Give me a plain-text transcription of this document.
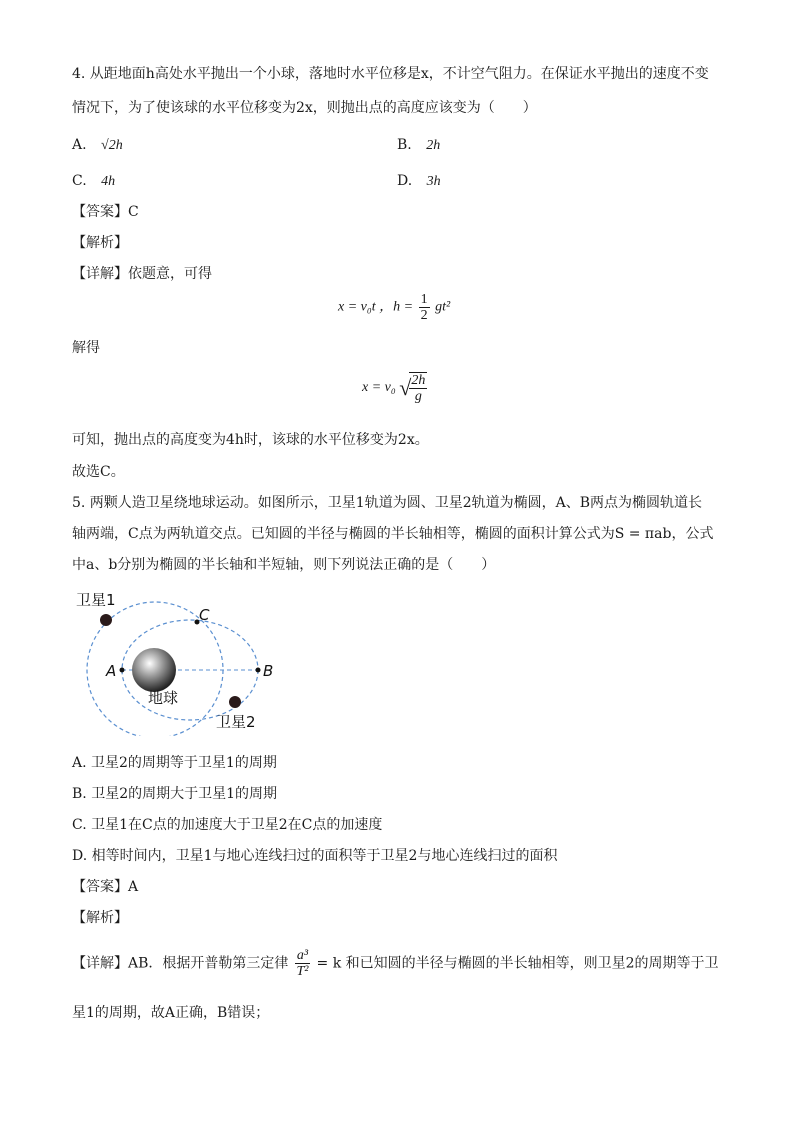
4. 从距地面h高处水平抛出一个小球，落地时水平位移是x，不计空气阻力。在保证水平抛出的速度不变
情况下，为了使该球的水平位移变为2x，则抛出点的高度应该变为（　　）
A. √2h	B. 2h
C. 4h	D. 3h
【答案】C
【解析】
【详解】依题意，可得
x = v₀t ，$h = \frac{1}{2} gt^2$
解得
x = v₀ √
$\frac{2h}{g}$
可知，抛出点的高度变为4h时，该球的水平位移变为2x。
故选C。
5. 两颗人造卫星绕地球运动。如图所示，卫星1轨道为圆、卫星2轨道为椭圆，A、B两点为椭圆轨道长
轴两端，C点为两轨道交点。已知圆的半径与椭圆的半长轴相等，椭圆的面积计算公式为S = πab，公式
中a、b分别为椭圆的半长轴和半短轴，则下列说法正确的是（　　）
卫星1
卫星2
地球
A	B
C
A. 卫星2的周期等于卫星1的周期
B. 卫星2的周期大于卫星1的周期
C. 卫星1在C点的加速度大于卫星2在C点的加速度
D. 相等时间内，卫星1与地心连线扫过的面积等于卫星2与地心连线扫过的面积
【答案】A
【解析】
【详解】AB．根据开普勒第三定律 $\frac{\text{a³}}{\text{T²}} = k$ 和已知圆的半径与椭圆的半长轴相等，则卫星2的周期等于卫
星1的周期，故A正确，B错误；
